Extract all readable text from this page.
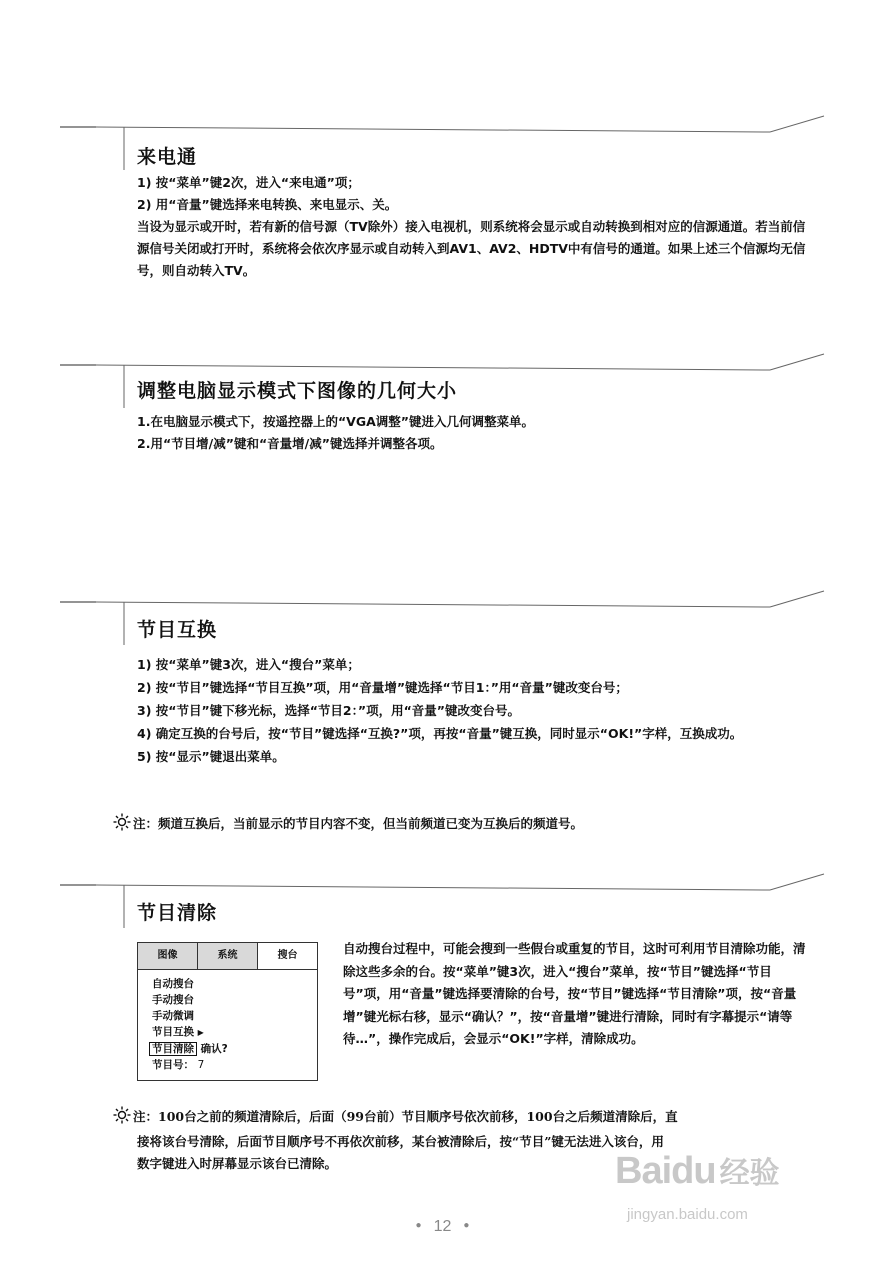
来电通

1) 按“菜单”键2次，进入“来电通”项；

2) 用“音量”键选择来电转换、来电显示、关。

当设为显示或开时，若有新的信号源（TV除外）接入电视机，则系统将会显示或自动转换到相对应的信源通道。若当前信源信号关闭或打开时，系统将会依次序显示或自动转入到AV1、AV2、HDTV中有信号的通道。如果上述三个信源均无信号，则自动转入TV。

调整电脑显示模式下图像的几何大小

1.在电脑显示模式下，按遥控器上的“VGA调整”键进入几何调整菜单。

2.用“节目增/减”键和“音量增/减”键选择并调整各项。

节目互换

1) 按“菜单”键3次，进入“搜台”菜单；

2) 按“节目”键选择“节目互换”项，用“音量增”键选择“节目1：”用“音量”键改变台号；

3) 按“节目”键下移光标，选择“节目2：”项，用“音量”键改变台号。

4) 确定互换的台号后，按“节目”键选择“互换?”项，再按“音量”键互换，同时显示“OK!”字样，互换成功。

5) 按“显示”键退出菜单。

注：频道互换后，当前显示的节目内容不变，但当前频道已变为互换后的频道号。
节目清除
图像	系统	搜台
自动搜台
手动搜台
手动微调
节目互换 ▶
节目清除 确认?
节目号： 7
自动搜台过程中，可能会搜到一些假台或重复的节目，这时可利用节目清除功能，清除这些多余的台。按“菜单”键3次，进入“搜台”菜单，按“节目”键选择“节目号”项，用“音量”键选择要清除的台号，按“节目”键选择“节目清除”项，按“音量增”键光标右移，显示“确认？”，按“音量增”键进行清除，同时有字幕提示“请等待…”，操作完成后，会显示“OK!”字样，清除成功。
注：100台之前的频道清除后，后面（99台前）节目顺序号依次前移，100台之后频道清除后，直
接将该台号清除，后面节目顺序号不再依次前移，某台被清除后，按“节目”键无法进入该台，用
数字键进入时屏幕显示该台已清除。
● 12 ●
Baidu 经验
jingyan.baidu.com
